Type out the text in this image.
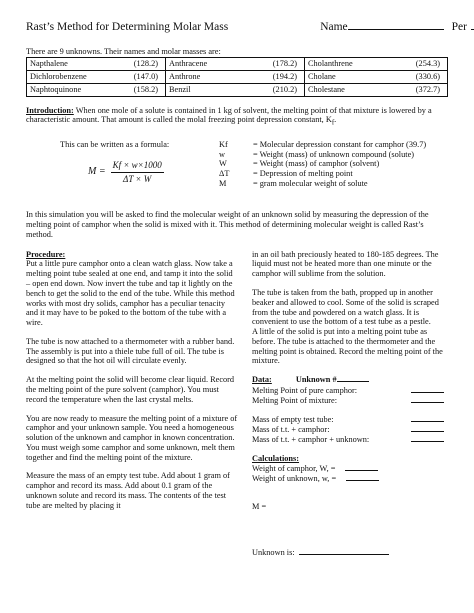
Rast’s Method for Determining Molar Mass	Name	Per
There are 9 unknowns. Their names and molar masses are:
Napthalene (128.2)	Anthracene (178.2)	Cholanthrene (254.3)

Dichlorobenzene (147.0)	Anthrone (194.2)	Cholane (330.6)

Naphtoquinone (158.2)	Benzil (210.2)	Cholestane (372.7)

Introduction: When one mole of a solute is contained in 1 kg of solvent, the melting point of that mixture is lowered by a characteristic amount. That amount is called the molal freezing point depression constant, $K_f$.

This can be written as a formula:
$M = \frac{Kf \times w\times 1000}{\Delta T \times W}$
Kf	= Molecular depression constant for camphor (39.7)
w	= Weight (mass) of unknown compound (solute)
W	= Weight (mass) of camphor (solvent)
ΔT	= Depression of melting point
M	= gram molecular weight of solute

In this simulation you will be asked to find the molecular weight of an unknown solid by measuring the depression of the melting point of camphor when the solid is mixed with it. This method of determining molecular weight is called Rast’s method.

Procedure:

Put a little pure camphor onto a clean watch glass. Now take a melting point tube sealed at one end, and tamp it into the solid – open end down. Now invert the tube and tap it lightly on the bench to get the solid to the end of the tube. While this method works with most dry solids, camphor has a peculiar tenacity and it may have to be poked to the bottom of the tube with a wire.

The tube is now attached to a thermometer with a rubber band. The assembly is put into a thiele tube full of oil. The tube is designed so that the hot oil will circulate evenly.

At the melting point the solid will become clear liquid. Record the melting point of the pure solvent (camphor). You must record the temperature when the last crystal melts.

You are now ready to measure the melting point of a mixture of camphor and your unknown sample. You need a homogeneous solution of the unknown and camphor in known concentration. You must weigh some camphor and some unknown, melt them together and find the melting point of the mixture.

Measure the mass of an empty test tube. Add about 1 gram of camphor and record its mass. Add about 0.1 gram of the unknown solute and record its mass. The contents of the test tube are melted by placing it

in an oil bath preciously heated to 180-185 degrees. The liquid must not be heated more than one minute or the camphor will sublime from the solution.

The tube is taken from the bath, propped up in another beaker and allowed to cool. Some of the solid is scraped from the tube and powdered on a watch glass. It is convenient to use the bottom of a test tube as a pestle.

A little of the solid is put into a melting point tube as before. The tube is attached to the thermometer and the melting point is obtained. Record the melting point of the mixture.

Data:	Unknown #
Melting Point of pure camphor:
Melting Point of mixture:
Mass of empty test tube:
Mass of t.t. + camphor:
Mass of t.t. + camphor + unknown:
Calculations:
Weight of camphor, W, =
Weight of unknown, w, =
M =
Unknown is:
